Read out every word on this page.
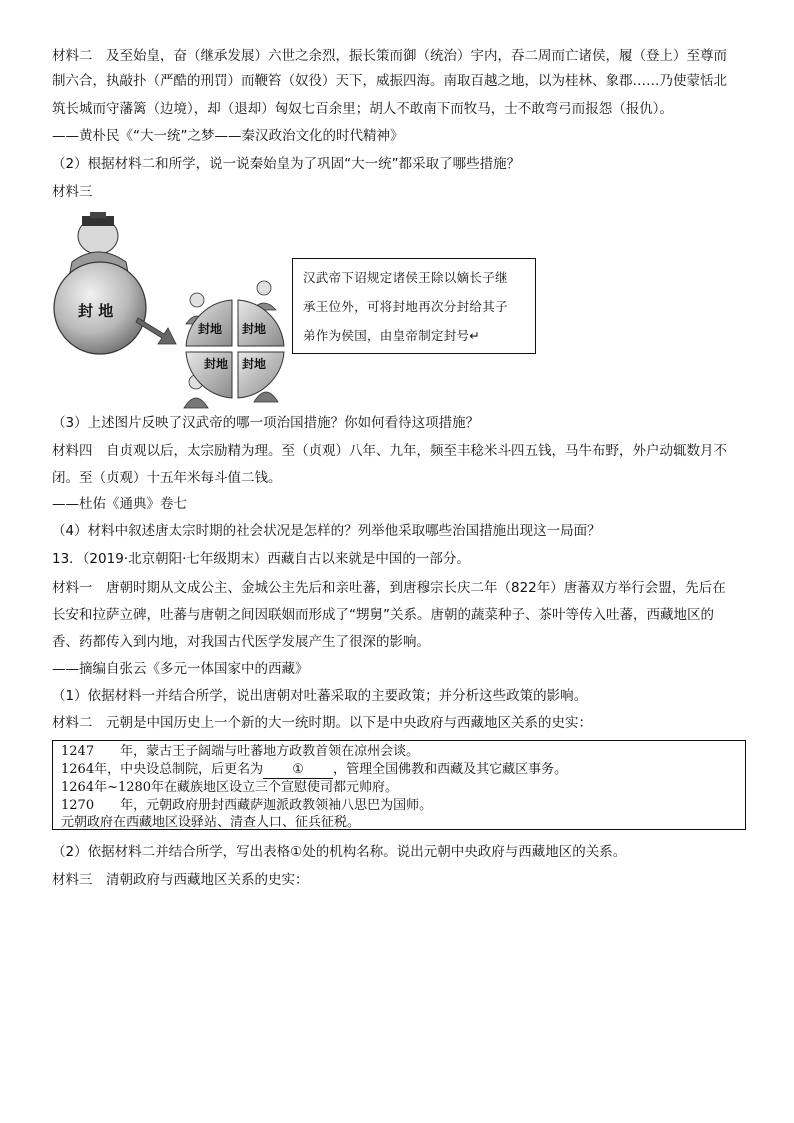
材料二　及至始皇，奋（继承发展）六世之余烈，振长策而御（统治）宇内，吞二周而亡诸侯，履（登上）至尊而

制六合，执敲扑（严酷的刑罚）而鞭笞（奴役）天下，威振四海。南取百越之地，以为桂林、象郡……乃使蒙恬北

筑长城而守藩篱（边境），却（退却）匈奴七百余里；胡人不敢南下而牧马，士不敢弯弓而报怨（报仇）。

——黄朴民《“大一统”之梦——秦汉政治文化的时代精神》

（2）根据材料二和所学，说一说秦始皇为了巩固“大一统”都采取了哪些措施？

材料三

封 地
封地 封地
封地 封地
汉武帝下诏规定诸侯王除以嫡长子继
承王位外，可将封地再次分封给其子
弟作为侯国，由皇帝制定封号↵

（3）上述图片反映了汉武帝的哪一项治国措施？你如何看待这项措施？

材料四　自贞观以后，太宗励精为理。至（贞观）八年、九年，频至丰稔米斗四五钱，马牛布野，外户动辄数月不

闭。至（贞观）十五年米每斗值二钱。

——杜佑《通典》卷七

（4）材料中叙述唐太宗时期的社会状况是怎样的？列举他采取哪些治国措施出现这一局面？

13．（2019·北京朝阳·七年级期末）西藏自古以来就是中国的一部分。

材料一　唐朝时期从文成公主、金城公主先后和亲吐蕃，到唐穆宗长庆二年（822年）唐蕃双方举行会盟，先后在

长安和拉萨立碑，吐蕃与唐朝之间因联姻而形成了“甥舅”关系。唐朝的蔬菜种子、茶叶等传入吐蕃，西藏地区的

香、药都传入到内地，对我国古代医学发展产生了很深的影响。

——摘编自张云《多元一体国家中的西藏》

（1）依据材料一并结合所学，说出唐朝对吐蕃采取的主要政策；并分析这些政策的影响。

材料二　元朝是中国历史上一个新的大一统时期。以下是中央政府与西藏地区关系的史实：

1247　　年，蒙古王子阔端与吐蕃地方政教首领在凉州会谈。
1264年，中央设总制院，后更名为 ① ，管理全国佛教和西藏及其它藏区事务。
1264年~1280年在藏族地区设立三个宣慰使司都元帅府。
1270　　年，元朝政府册封西藏萨迦派政教领袖八思巴为国师。
元朝政府在西藏地区设驿站、清查人口、征兵征税。

（2）依据材料二并结合所学，写出表格①处的机构名称。说出元朝中央政府与西藏地区的关系。

材料三　清朝政府与西藏地区关系的史实：
